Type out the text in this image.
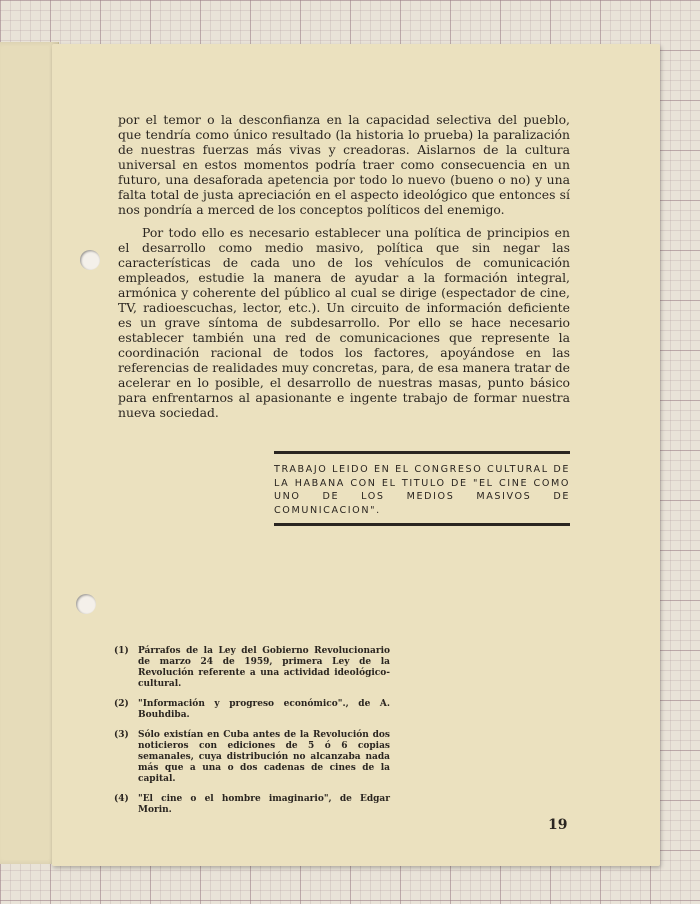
por el temor o la desconfianza en la capacidad selectiva del pueblo, que tendría como único resultado (la historia lo prueba) la paralización de nuestras fuerzas más vivas y creadoras. Aislarnos de la cultura universal en estos momentos podría traer como consecuencia en un futuro, una desaforada apetencia por todo lo nuevo (bueno o no) y una falta total de justa apreciación en el aspecto ideológico que entonces sí nos pondría a merced de los conceptos políticos del enemigo.

Por todo ello es necesario establecer una política de principios en el desarrollo como medio masivo, política que sin negar las características de cada uno de los vehículos de comunicación empleados, estudie la manera de ayudar a la formación integral, armónica y coherente del público al cual se dirige (espectador de cine, TV, radioescuchas, lector, etc.). Un circuito de información deficiente es un grave síntoma de subdesarrollo. Por ello se hace necesario establecer también una red de comunicaciones que represente la coordinación racional de todos los factores, apoyándose en las referencias de realidades muy concretas, para, de esa manera tratar de acelerar en lo posible, el desarrollo de nuestras masas, punto básico para enfrentarnos al apasionante e ingente trabajo de formar nuestra nueva sociedad.

TRABAJO LEIDO EN EL CONGRESO CULTURAL DE LA HABANA CON EL TITULO DE "EL CINE COMO UNO DE LOS MEDIOS MASIVOS DE COMUNICACION".

(1)	Párrafos de la Ley del Gobierno Revolucionario de marzo 24 de 1959, primera Ley de la Revolución referente a una actividad ideológico-cultural.
(2)	"Información y progreso económico"., de A. Bouhdiba.
(3)	Sólo existían en Cuba antes de la Revolución dos noticieros con ediciones de 5 ó 6 copias semanales, cuya distribución no alcanzaba nada más que a una o dos cadenas de cines de la capital.
(4)	"El cine o el hombre imaginario", de Edgar Morin.
19
